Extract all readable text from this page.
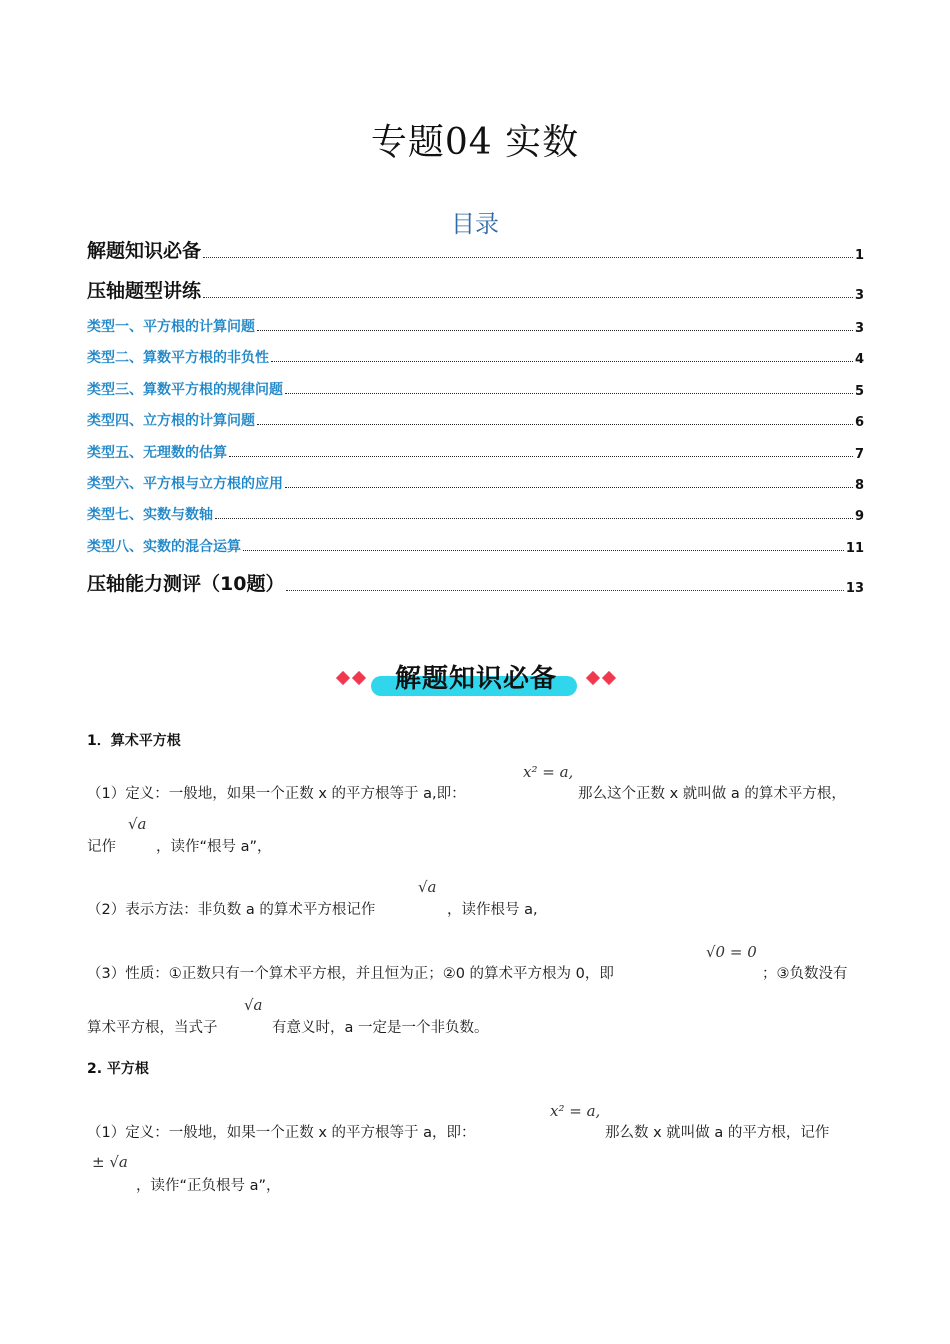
专题04 实数
目录
解题知识必备	1
压轴题型讲练	3
类型一、平方根的计算问题	3
类型二、算数平方根的非负性	4
类型三、算数平方根的规律问题	5
类型四、立方根的计算问题	6
类型五、无理数的估算	7
类型六、平方根与立方根的应用	8
类型七、实数与数轴	9
类型八、实数的混合运算	11
压轴能力测评（10题）	13
解题知识必备
1．算术平方根
x² = a,
（1）定义：一般地，如果一个正数 x 的平方根等于 a,即：	那么这个正数 x 就叫做 a 的算术平方根，
√a
记作	，读作“根号 a”，
√a
（2）表示方法：非负数 a 的算术平方根记作	，读作根号 a,
√0 = 0
（3）性质：①正数只有一个算术平方根，并且恒为正；②0 的算术平方根为 0，即	；③负数没有
√a
算术平方根，当式子	有意义时，a 一定是一个非负数。
2. 平方根
x² = a,
（1）定义：一般地，如果一个正数 x 的平方根等于 a，即：	那么数 x 就叫做 a 的平方根，记作
± √a
，读作“正负根号 a”，
